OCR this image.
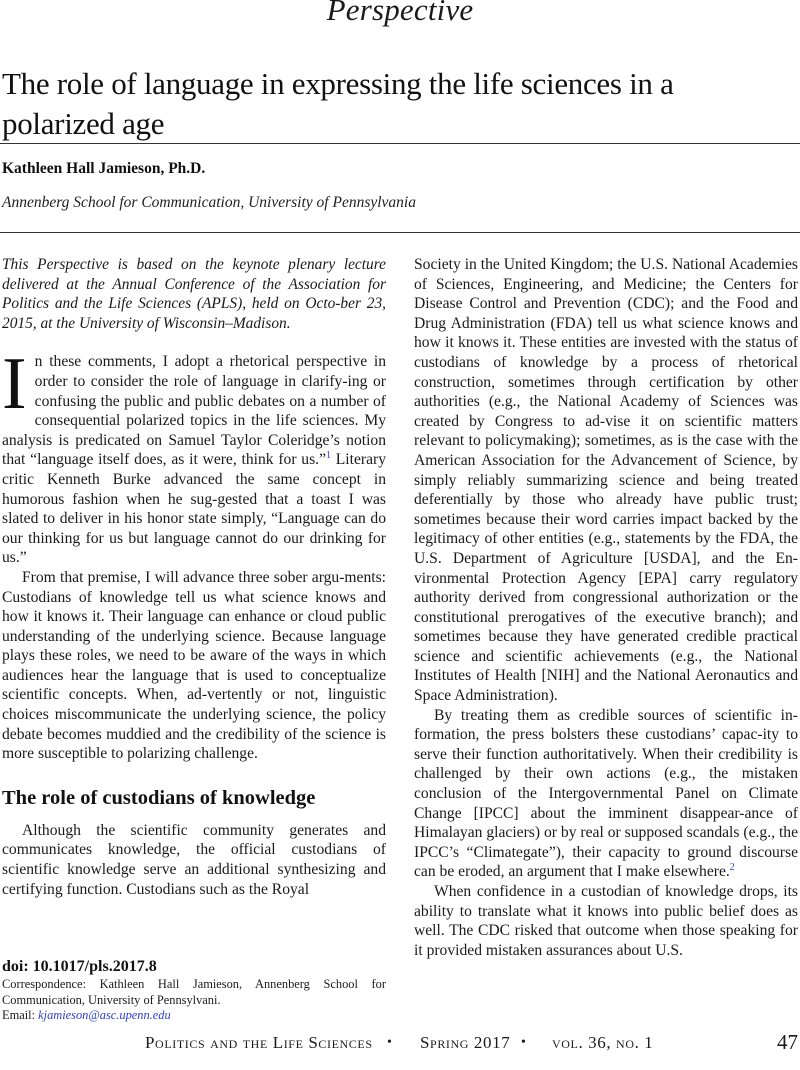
Perspective
The role of language in expressing the life sciences in a polarized age
Kathleen Hall Jamieson, Ph.D.
Annenberg School for Communication, University of Pennsylvania

This Perspective is based on the keynote plenary lecture delivered at the Annual Conference of the Association for Politics and the Life Sciences (APLS), held on Octo-ber 23, 2015, at the University of Wisconsin–Madison.

In these comments, I adopt a rhetorical perspective in order to consider the role of language in clarify-ing or confusing the public and public debates on a number of consequential polarized topics in the life sciences. My analysis is predicated on Samuel Taylor Coleridge’s notion that “language itself does, as it were, think for us.”$^1$ Literary critic Kenneth Burke advanced the same concept in humorous fashion when he sug-gested that a toast I was slated to deliver in his honor state simply, “Language can do our thinking for us but language cannot do our drinking for us.”

From that premise, I will advance three sober argu-ments: Custodians of knowledge tell us what science knows and how it knows it. Their language can enhance or cloud public understanding of the underlying science. Because language plays these roles, we need to be aware of the ways in which audiences hear the language that is used to conceptualize scientific concepts. When, ad-vertently or not, linguistic choices miscommunicate the underlying science, the policy debate becomes muddied and the credibility of the science is more susceptible to polarizing challenge.

The role of custodians of knowledge

Although the scientific community generates and communicates knowledge, the official custodians of scientific knowledge serve an additional synthesizing and certifying function. Custodians such as the Royal

doi: 10.1017/pls.2017.8
Correspondence: Kathleen Hall Jamieson, Annenberg School for Communication, University of Pennsylvani.
Email: kjamieson@asc.upenn.edu

Society in the United Kingdom; the U.S. National Academies of Sciences, Engineering, and Medicine; the Centers for Disease Control and Prevention (CDC); and the Food and Drug Administration (FDA) tell us what science knows and how it knows it. These entities are invested with the status of custodians of knowledge by a process of rhetorical construction, sometimes through certification by other authorities (e.g., the National Academy of Sciences was created by Congress to ad-vise it on scientific matters relevant to policymaking); sometimes, as is the case with the American Association for the Advancement of Science, by simply reliably summarizing science and being treated deferentially by those who already have public trust; sometimes because their word carries impact backed by the legitimacy of other entities (e.g., statements by the FDA, the U.S. Department of Agriculture [USDA], and the En-vironmental Protection Agency [EPA] carry regulatory authority derived from congressional authorization or the constitutional prerogatives of the executive branch); and sometimes because they have generated credible practical science and scientific achievements (e.g., the National Institutes of Health [NIH] and the National Aeronautics and Space Administration).

By treating them as credible sources of scientific in-formation, the press bolsters these custodians’ capac-ity to serve their function authoritatively. When their credibility is challenged by their own actions (e.g., the mistaken conclusion of the Intergovernmental Panel on Climate Change [IPCC] about the imminent disappear-ance of Himalayan glaciers) or by real or supposed scandals (e.g., the IPCC’s “Climategate”), their capacity to ground discourse can be eroded, an argument that I make elsewhere.$^2$

When confidence in a custodian of knowledge drops, its ability to translate what it knows into public belief does as well. The CDC risked that outcome when those speaking for it provided mistaken assurances about U.S.

Politics and the Life Sciences • Spring 2017 • vol. 36, no. 1	47
